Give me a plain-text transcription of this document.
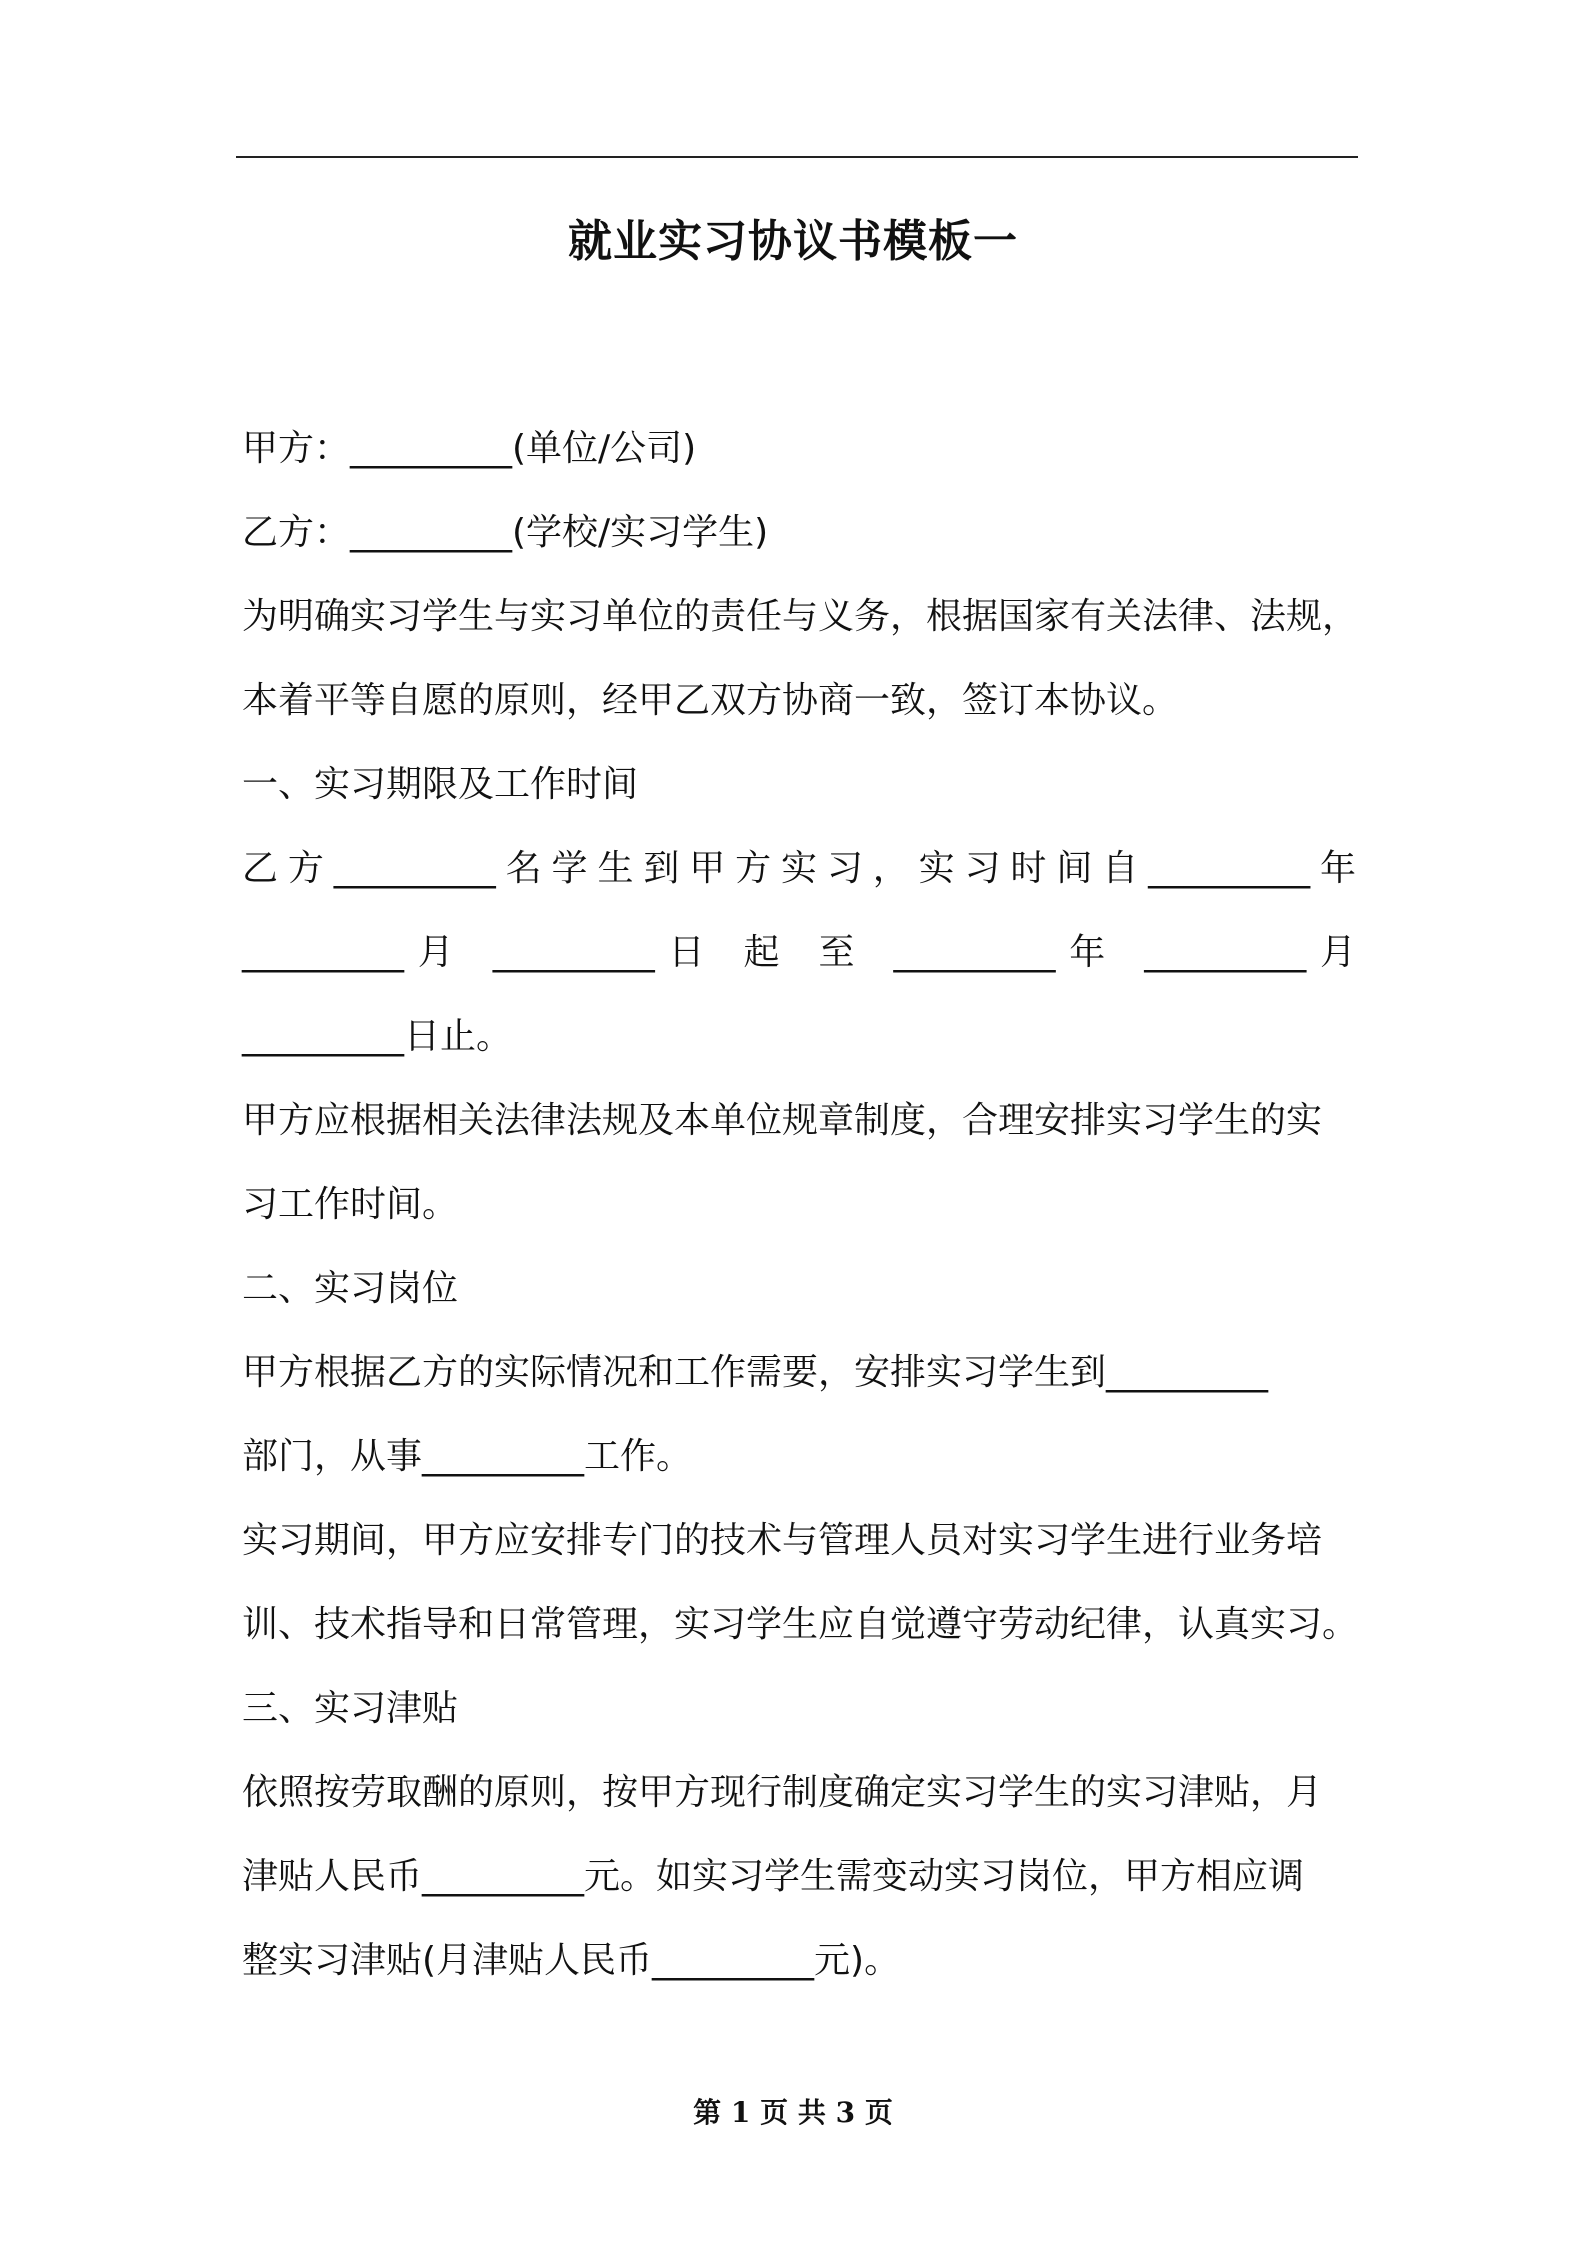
就业实习协议书模板一
甲方：_________(单位/公司)
乙方：_________(学校/实习学生)
为明确实习学生与实习单位的责任与义务，根据国家有关法律、法规，
本着平等自愿的原则，经甲乙双方协商一致，签订本协议。
一、实习期限及工作时间
乙方_________名学生到甲方实习，实习时间自_________年
_________月 _________日 起 至 _________年 _________月
_________日止。
甲方应根据相关法律法规及本单位规章制度，合理安排实习学生的实
习工作时间。
二、实习岗位
甲方根据乙方的实际情况和工作需要，安排实习学生到_________
部门，从事_________工作。
实习期间，甲方应安排专门的技术与管理人员对实习学生进行业务培
训、技术指导和日常管理，实习学生应自觉遵守劳动纪律，认真实习。
三、实习津贴
依照按劳取酬的原则，按甲方现行制度确定实习学生的实习津贴，月
津贴人民币_________元。如实习学生需变动实习岗位，甲方相应调
整实习津贴(月津贴人民币_________元)。
第 1 页 共 3 页
